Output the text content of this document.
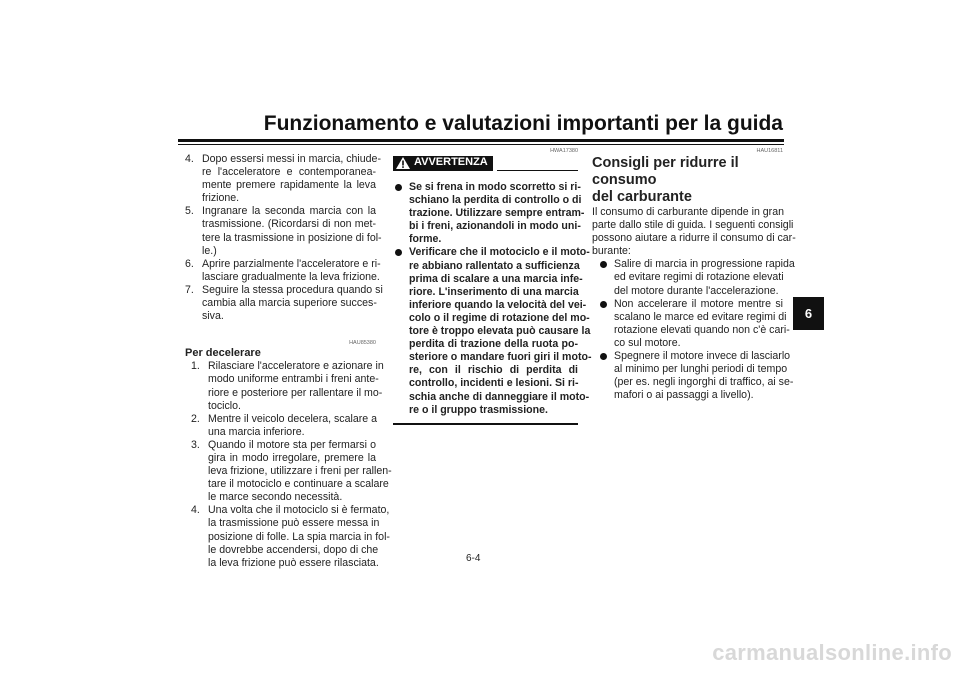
Funzionamento e valutazioni importanti per la guida
4. Dopo essersi messi in marcia, chiude-
re l'acceleratore e contemporanea-
mente premere rapidamente la leva
frizione.
5. Ingranare la seconda marcia con la
trasmissione. (Ricordarsi di non met-
tere la trasmissione in posizione di fol-
le.)
6. Aprire parzialmente l'acceleratore e ri-
lasciare gradualmente la leva frizione.
7. Seguire la stessa procedura quando si
cambia alla marcia superiore succes-
siva.
HAU85380
Per decelerare
1. Rilasciare l'acceleratore e azionare in
modo uniforme entrambi i freni ante-
riore e posteriore per rallentare il mo-
tociclo.
2. Mentre il veicolo decelera, scalare a
una marcia inferiore.
3. Quando il motore sta per fermarsi o
gira in modo irregolare, premere la
leva frizione, utilizzare i freni per rallen-
tare il motociclo e continuare a scalare
le marce secondo necessità.
4. Una volta che il motociclo si è fermato,
la trasmissione può essere messa in
posizione di folle. La spia marcia in fol-
le dovrebbe accendersi, dopo di che
la leva frizione può essere rilasciata.
HWA17380
AVVERTENZA
Se si frena in modo scorretto si ri-
schiano la perdita di controllo o di
trazione. Utilizzare sempre entram-
bi i freni, azionandoli in modo uni-
forme.
Verificare che il motociclo e il moto-
re abbiano rallentato a sufficienza
prima di scalare a una marcia infe-
riore. L'inserimento di una marcia
inferiore quando la velocità del vei-
colo o il regime di rotazione del mo-
tore è troppo elevata può causare la
perdita di trazione della ruota po-
steriore o mandare fuori giri il moto-
re, con il rischio di perdita di
controllo, incidenti e lesioni. Si ri-
schia anche di danneggiare il moto-
re o il gruppo trasmissione.
HAU16811
Consigli per ridurre il consumo
del carburante
Il consumo di carburante dipende in gran
parte dallo stile di guida. I seguenti consigli
possono aiutare a ridurre il consumo di car-
burante:
Salire di marcia in progressione rapida
ed evitare regimi di rotazione elevati
del motore durante l'accelerazione.
Non accelerare il motore mentre si
scalano le marce ed evitare regimi di
rotazione elevati quando non c'è cari-
co sul motore.
Spegnere il motore invece di lasciarlo
al minimo per lunghi periodi di tempo
(per es. negli ingorghi di traffico, ai se-
mafori o ai passaggi a livello).
6
6-4
carmanualsonline.info
